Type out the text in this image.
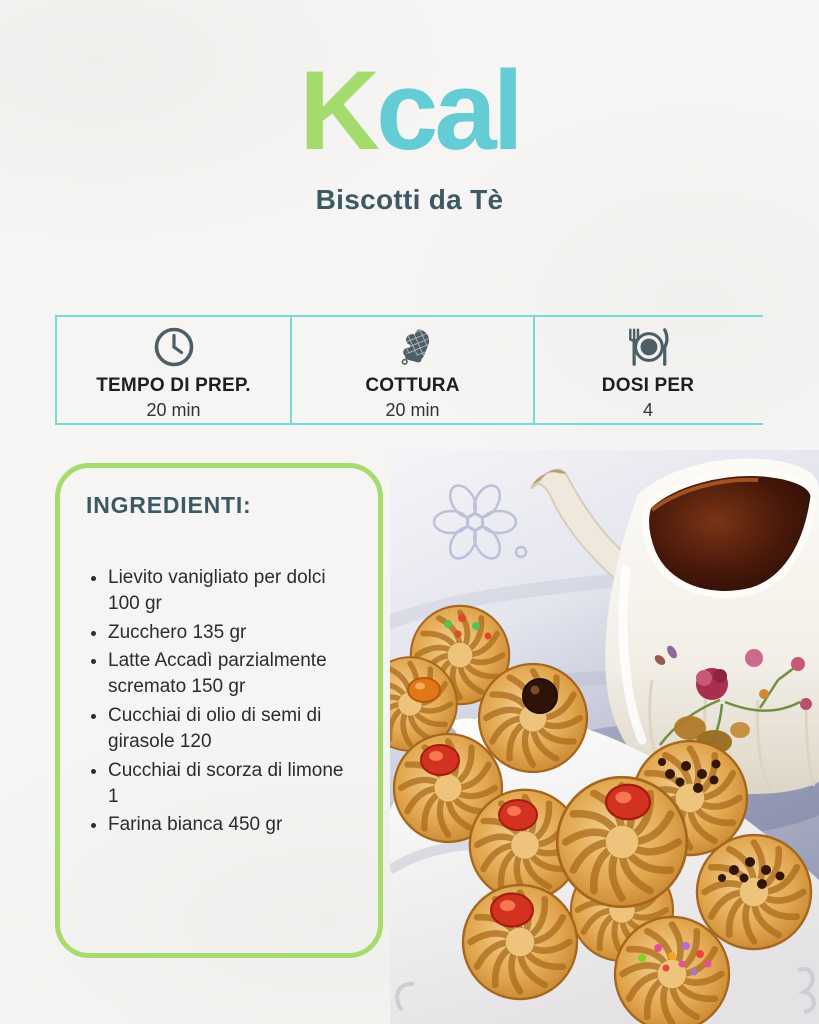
Kcal
Biscotti da Tè
TEMPO DI PREP.
20 min
COTTURA
20 min
DOSI PER
4
INGREDIENTI:
• Lievito vanigliato per dolci 100 gr
• Zucchero 135 gr
• Latte Accadì parzialmente scremato 150 gr
• Cucchiai di olio di semi di girasole 120
• Cucchiai di scorza di limone 1
• Farina bianca 450 gr
